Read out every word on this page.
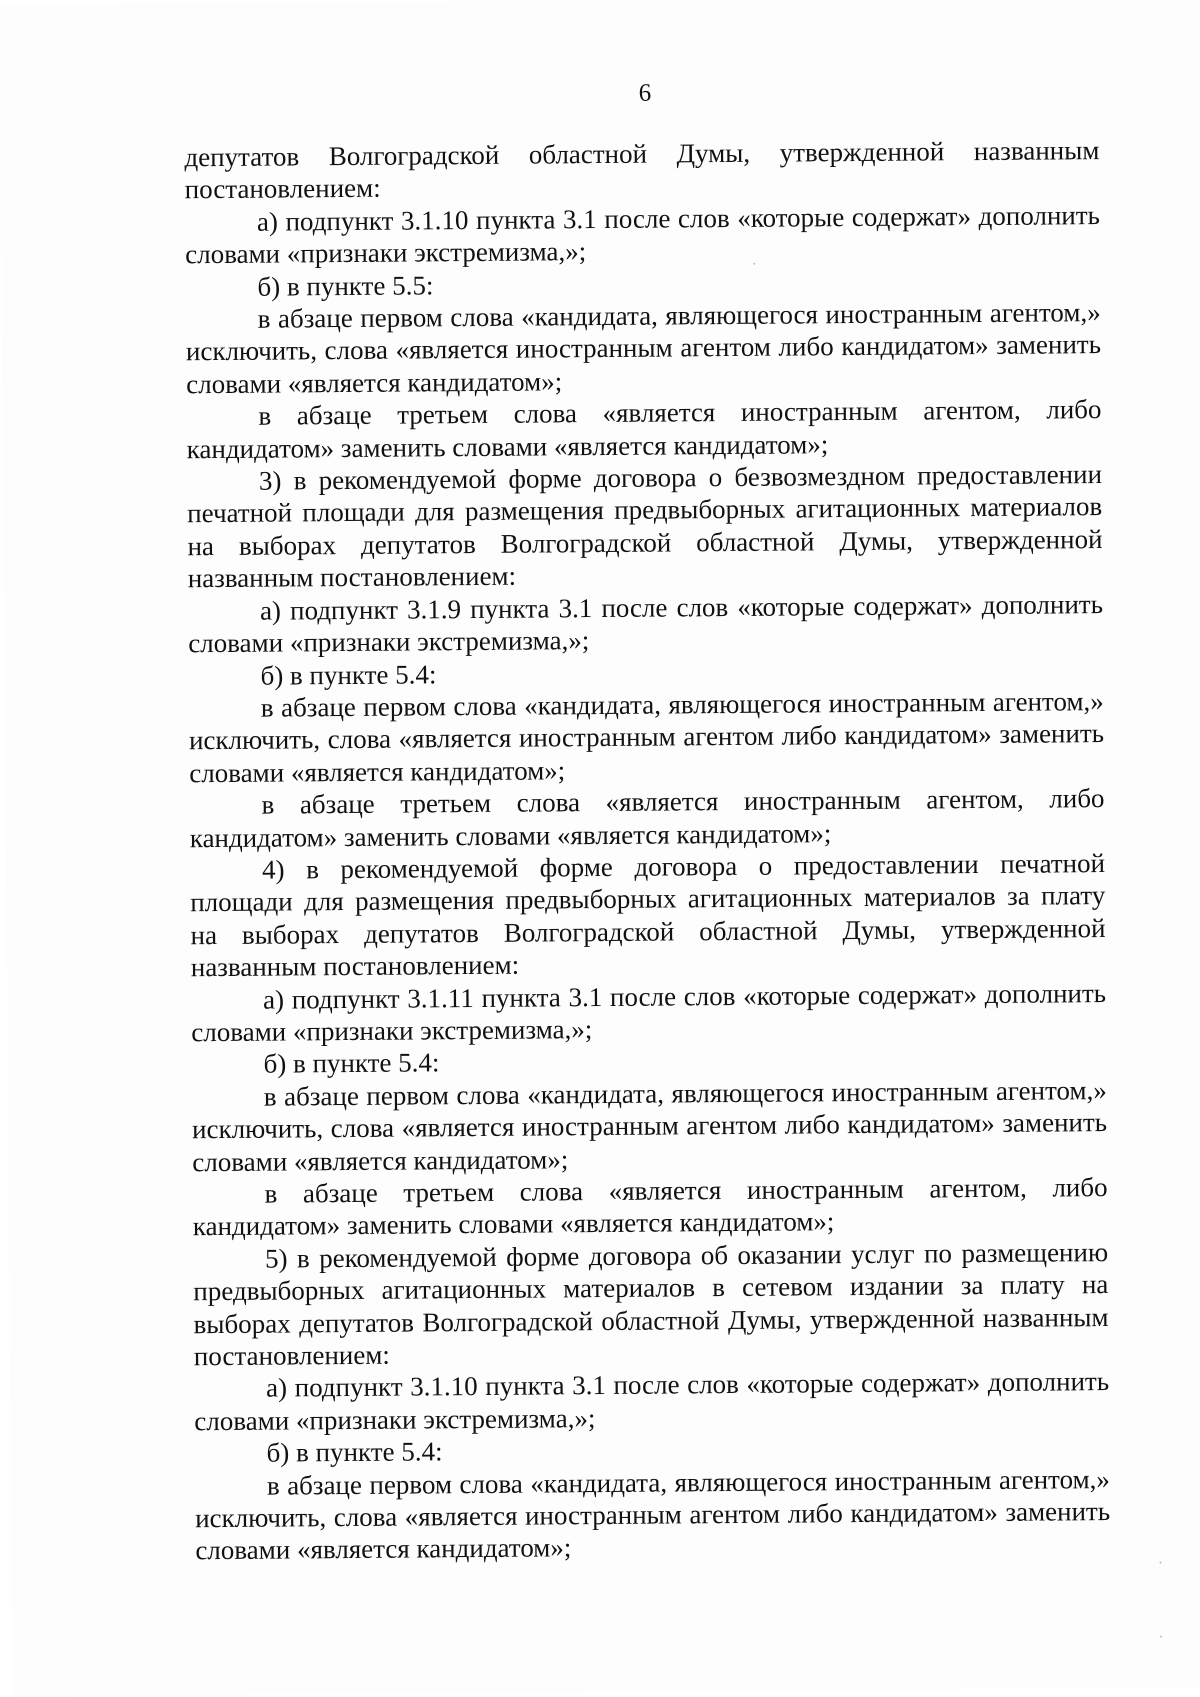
6

депутатов Волгоградской областной Думы, утвержденной названным постановлением:

а) подпункт 3.1.10 пункта 3.1 после слов «которые содержат» дополнить словами «признаки экстремизма,»;

б) в пункте 5.5:

в абзаце первом слова «кандидата, являющегося иностранным агентом,» исключить, слова «является иностранным агентом либо кандидатом» заменить словами «является кандидатом»;

в абзаце третьем слова «является иностранным агентом, либо кандидатом» заменить словами «является кандидатом»;

3) в рекомендуемой форме договора о безвозмездном предоставлении печатной площади для размещения предвыборных агитационных материалов на выборах депутатов Волгоградской областной Думы, утвержденной названным постановлением:

а) подпункт 3.1.9 пункта 3.1 после слов «которые содержат» дополнить словами «признаки экстремизма,»;

б) в пункте 5.4:

в абзаце первом слова «кандидата, являющегося иностранным агентом,» исключить, слова «является иностранным агентом либо кандидатом» заменить словами «является кандидатом»;

в абзаце третьем слова «является иностранным агентом, либо кандидатом» заменить словами «является кандидатом»;

4) в рекомендуемой форме договора о предоставлении печатной площади для размещения предвыборных агитационных материалов за плату на выборах депутатов Волгоградской областной Думы, утвержденной названным постановлением:

а) подпункт 3.1.11 пункта 3.1 после слов «которые содержат» дополнить словами «признаки экстремизма,»;

б) в пункте 5.4:

в абзаце первом слова «кандидата, являющегося иностранным агентом,» исключить, слова «является иностранным агентом либо кандидатом» заменить словами «является кандидатом»;

в абзаце третьем слова «является иностранным агентом, либо кандидатом» заменить словами «является кандидатом»;

5) в рекомендуемой форме договора об оказании услуг по размещению предвыборных агитационных материалов в сетевом издании за плату на выборах депутатов Волгоградской областной Думы, утвержденной названным постановлением:

а) подпункт 3.1.10 пункта 3.1 после слов «которые содержат» дополнить словами «признаки экстремизма,»;

б) в пункте 5.4:

в абзаце первом слова «кандидата, являющегося иностранным агентом,» исключить, слова «является иностранным агентом либо кандидатом» заменить словами «является кандидатом»;
